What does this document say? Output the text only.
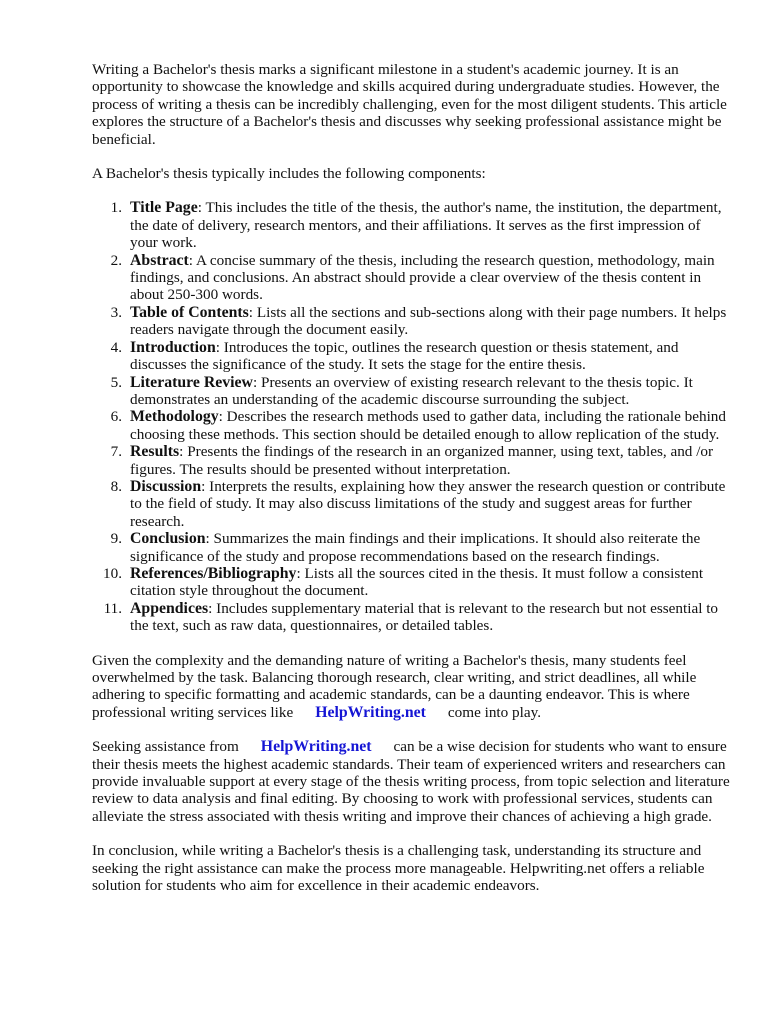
Writing a Bachelor's thesis marks a significant milestone in a student's academic journey. It is an opportunity to showcase the knowledge and skills acquired during undergraduate studies. However, the process of writing a thesis can be incredibly challenging, even for the most diligent students. This article explores the structure of a Bachelor's thesis and discusses why seeking professional assistance might be beneficial.

A Bachelor's thesis typically includes the following components:

Title Page: This includes the title of the thesis, the author's name, the institution, the department, the date of delivery, research mentors, and their affiliations. It serves as the first impression of your work.
Abstract: A concise summary of the thesis, including the research question, methodology, main findings, and conclusions. An abstract should provide a clear overview of the thesis content in about 250-300 words.
Table of Contents: Lists all the sections and sub-sections along with their page numbers. It helps readers navigate through the document easily.
Introduction: Introduces the topic, outlines the research question or thesis statement, and discusses the significance of the study. It sets the stage for the entire thesis.
Literature Review: Presents an overview of existing research relevant to the thesis topic. It demonstrates an understanding of the academic discourse surrounding the subject.
Methodology: Describes the research methods used to gather data, including the rationale behind choosing these methods. This section should be detailed enough to allow replication of the study.
Results: Presents the findings of the research in an organized manner, using text, tables, and /or figures. The results should be presented without interpretation.
Discussion: Interprets the results, explaining how they answer the research question or contribute to the field of study. It may also discuss limitations of the study and suggest areas for further research.
Conclusion: Summarizes the main findings and their implications. It should also reiterate the significance of the study and propose recommendations based on the research findings.
References/Bibliography: Lists all the sources cited in the thesis. It must follow a consistent citation style throughout the document.
Appendices: Includes supplementary material that is relevant to the research but not essential to the text, such as raw data, questionnaires, or detailed tables.

Given the complexity and the demanding nature of writing a Bachelor's thesis, many students feel overwhelmed by the task. Balancing thorough research, clear writing, and strict deadlines, all while adhering to specific formatting and academic standards, can be a daunting endeavor. This is where professional writing services like HelpWriting.net come into play.

Seeking assistance from HelpWriting.net can be a wise decision for students who want to ensure their thesis meets the highest academic standards. Their team of experienced writers and researchers can provide invaluable support at every stage of the thesis writing process, from topic selection and literature review to data analysis and final editing. By choosing to work with professional services, students can alleviate the stress associated with thesis writing and improve their chances of achieving a high grade.

In conclusion, while writing a Bachelor's thesis is a challenging task, understanding its structure and seeking the right assistance can make the process more manageable. Helpwriting.net offers a reliable solution for students who aim for excellence in their academic endeavors.
